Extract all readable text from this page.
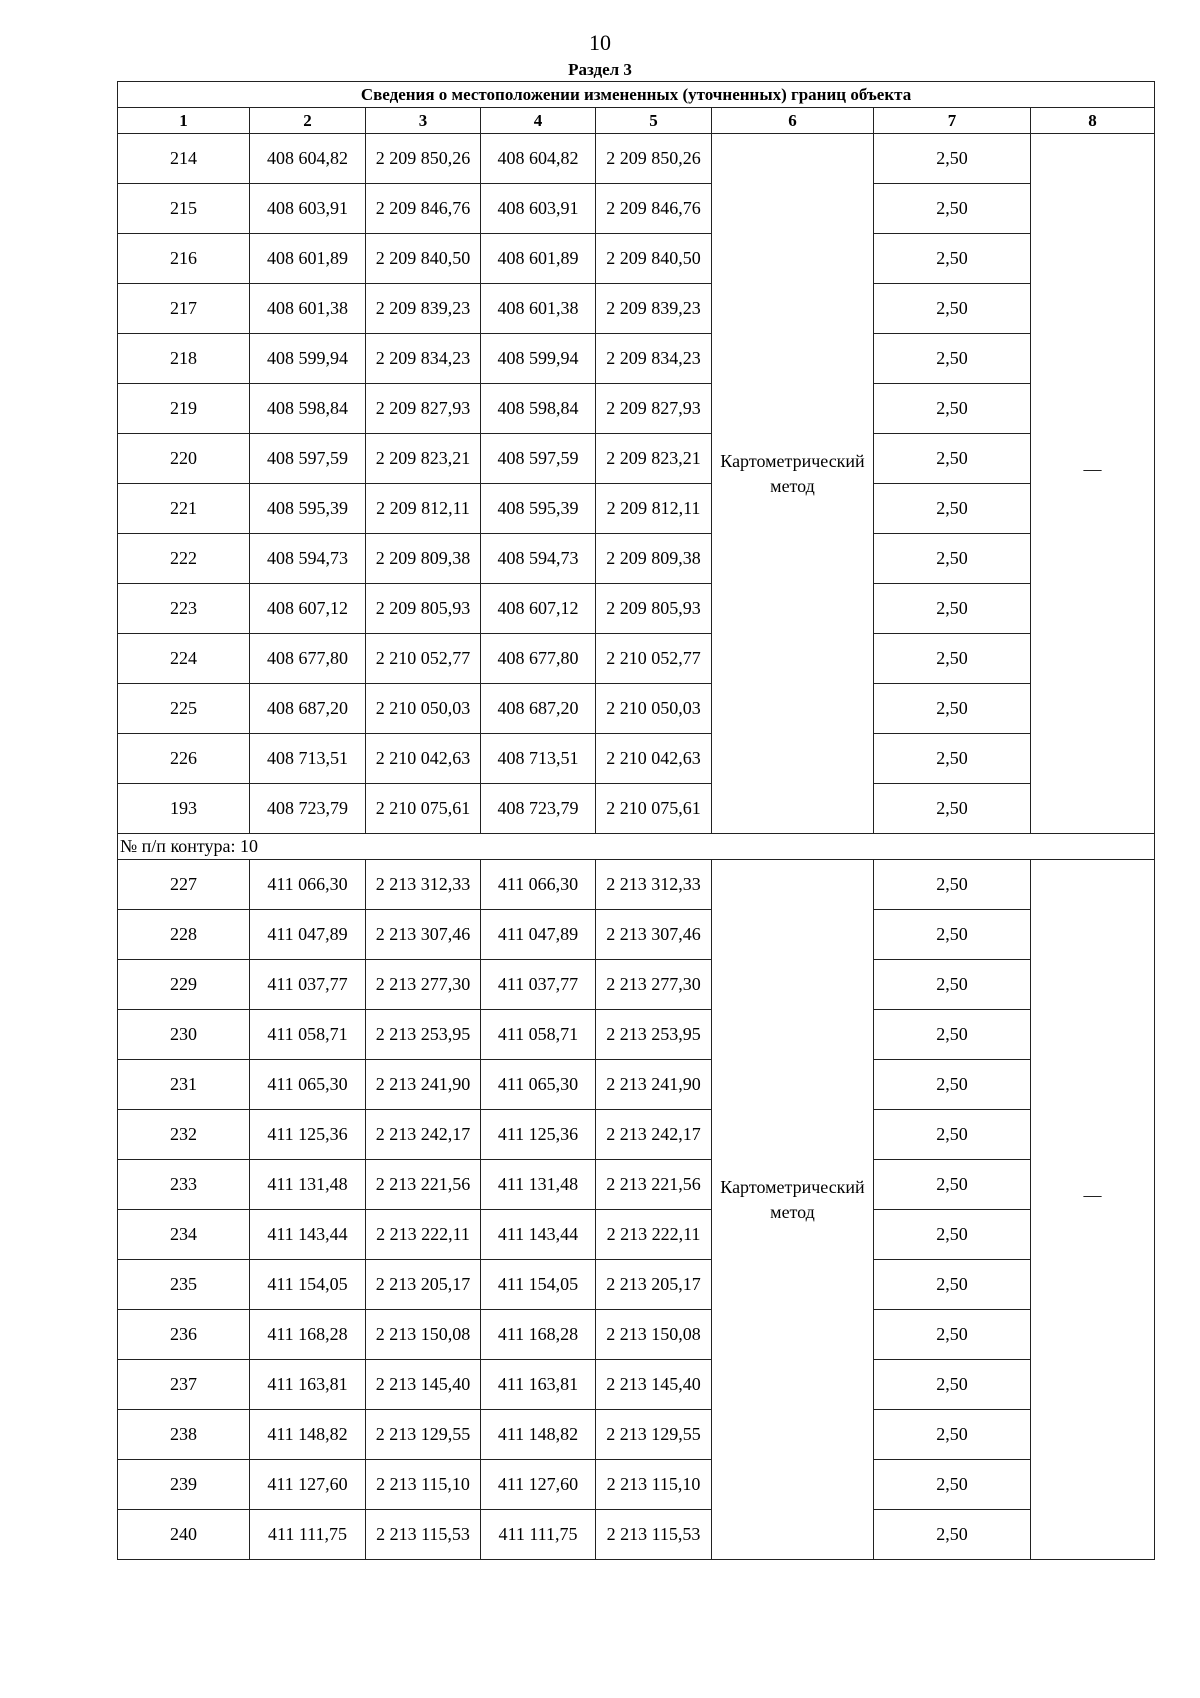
10
Раздел 3
Сведения о местоположении измененных (уточненных) границ объекта							
1	2	3	4	5	6	7	8
214	408 604,82	2 209 850,26	408 604,82	2 209 850,26	Картометрический метод	2,50	—
215	408 603,91	2 209 846,76	408 603,91	2 209 846,76		2,50	
216	408 601,89	2 209 840,50	408 601,89	2 209 840,50		2,50	
217	408 601,38	2 209 839,23	408 601,38	2 209 839,23		2,50	
218	408 599,94	2 209 834,23	408 599,94	2 209 834,23		2,50	
219	408 598,84	2 209 827,93	408 598,84	2 209 827,93		2,50	
220	408 597,59	2 209 823,21	408 597,59	2 209 823,21		2,50	
221	408 595,39	2 209 812,11	408 595,39	2 209 812,11		2,50	
222	408 594,73	2 209 809,38	408 594,73	2 209 809,38		2,50	
223	408 607,12	2 209 805,93	408 607,12	2 209 805,93		2,50	
224	408 677,80	2 210 052,77	408 677,80	2 210 052,77		2,50	
225	408 687,20	2 210 050,03	408 687,20	2 210 050,03		2,50	
226	408 713,51	2 210 042,63	408 713,51	2 210 042,63		2,50	
193	408 723,79	2 210 075,61	408 723,79	2 210 075,61		2,50	
№ п/п контура: 10							
227	411 066,30	2 213 312,33	411 066,30	2 213 312,33	Картометрический метод	2,50	—
228	411 047,89	2 213 307,46	411 047,89	2 213 307,46		2,50	
229	411 037,77	2 213 277,30	411 037,77	2 213 277,30		2,50	
230	411 058,71	2 213 253,95	411 058,71	2 213 253,95		2,50	
231	411 065,30	2 213 241,90	411 065,30	2 213 241,90		2,50	
232	411 125,36	2 213 242,17	411 125,36	2 213 242,17		2,50	
233	411 131,48	2 213 221,56	411 131,48	2 213 221,56		2,50	
234	411 143,44	2 213 222,11	411 143,44	2 213 222,11		2,50	
235	411 154,05	2 213 205,17	411 154,05	2 213 205,17		2,50	
236	411 168,28	2 213 150,08	411 168,28	2 213 150,08		2,50	
237	411 163,81	2 213 145,40	411 163,81	2 213 145,40		2,50	
238	411 148,82	2 213 129,55	411 148,82	2 213 129,55		2,50	
239	411 127,60	2 213 115,10	411 127,60	2 213 115,10		2,50	
240	411 111,75	2 213 115,53	411 111,75	2 213 115,53		2,50	
